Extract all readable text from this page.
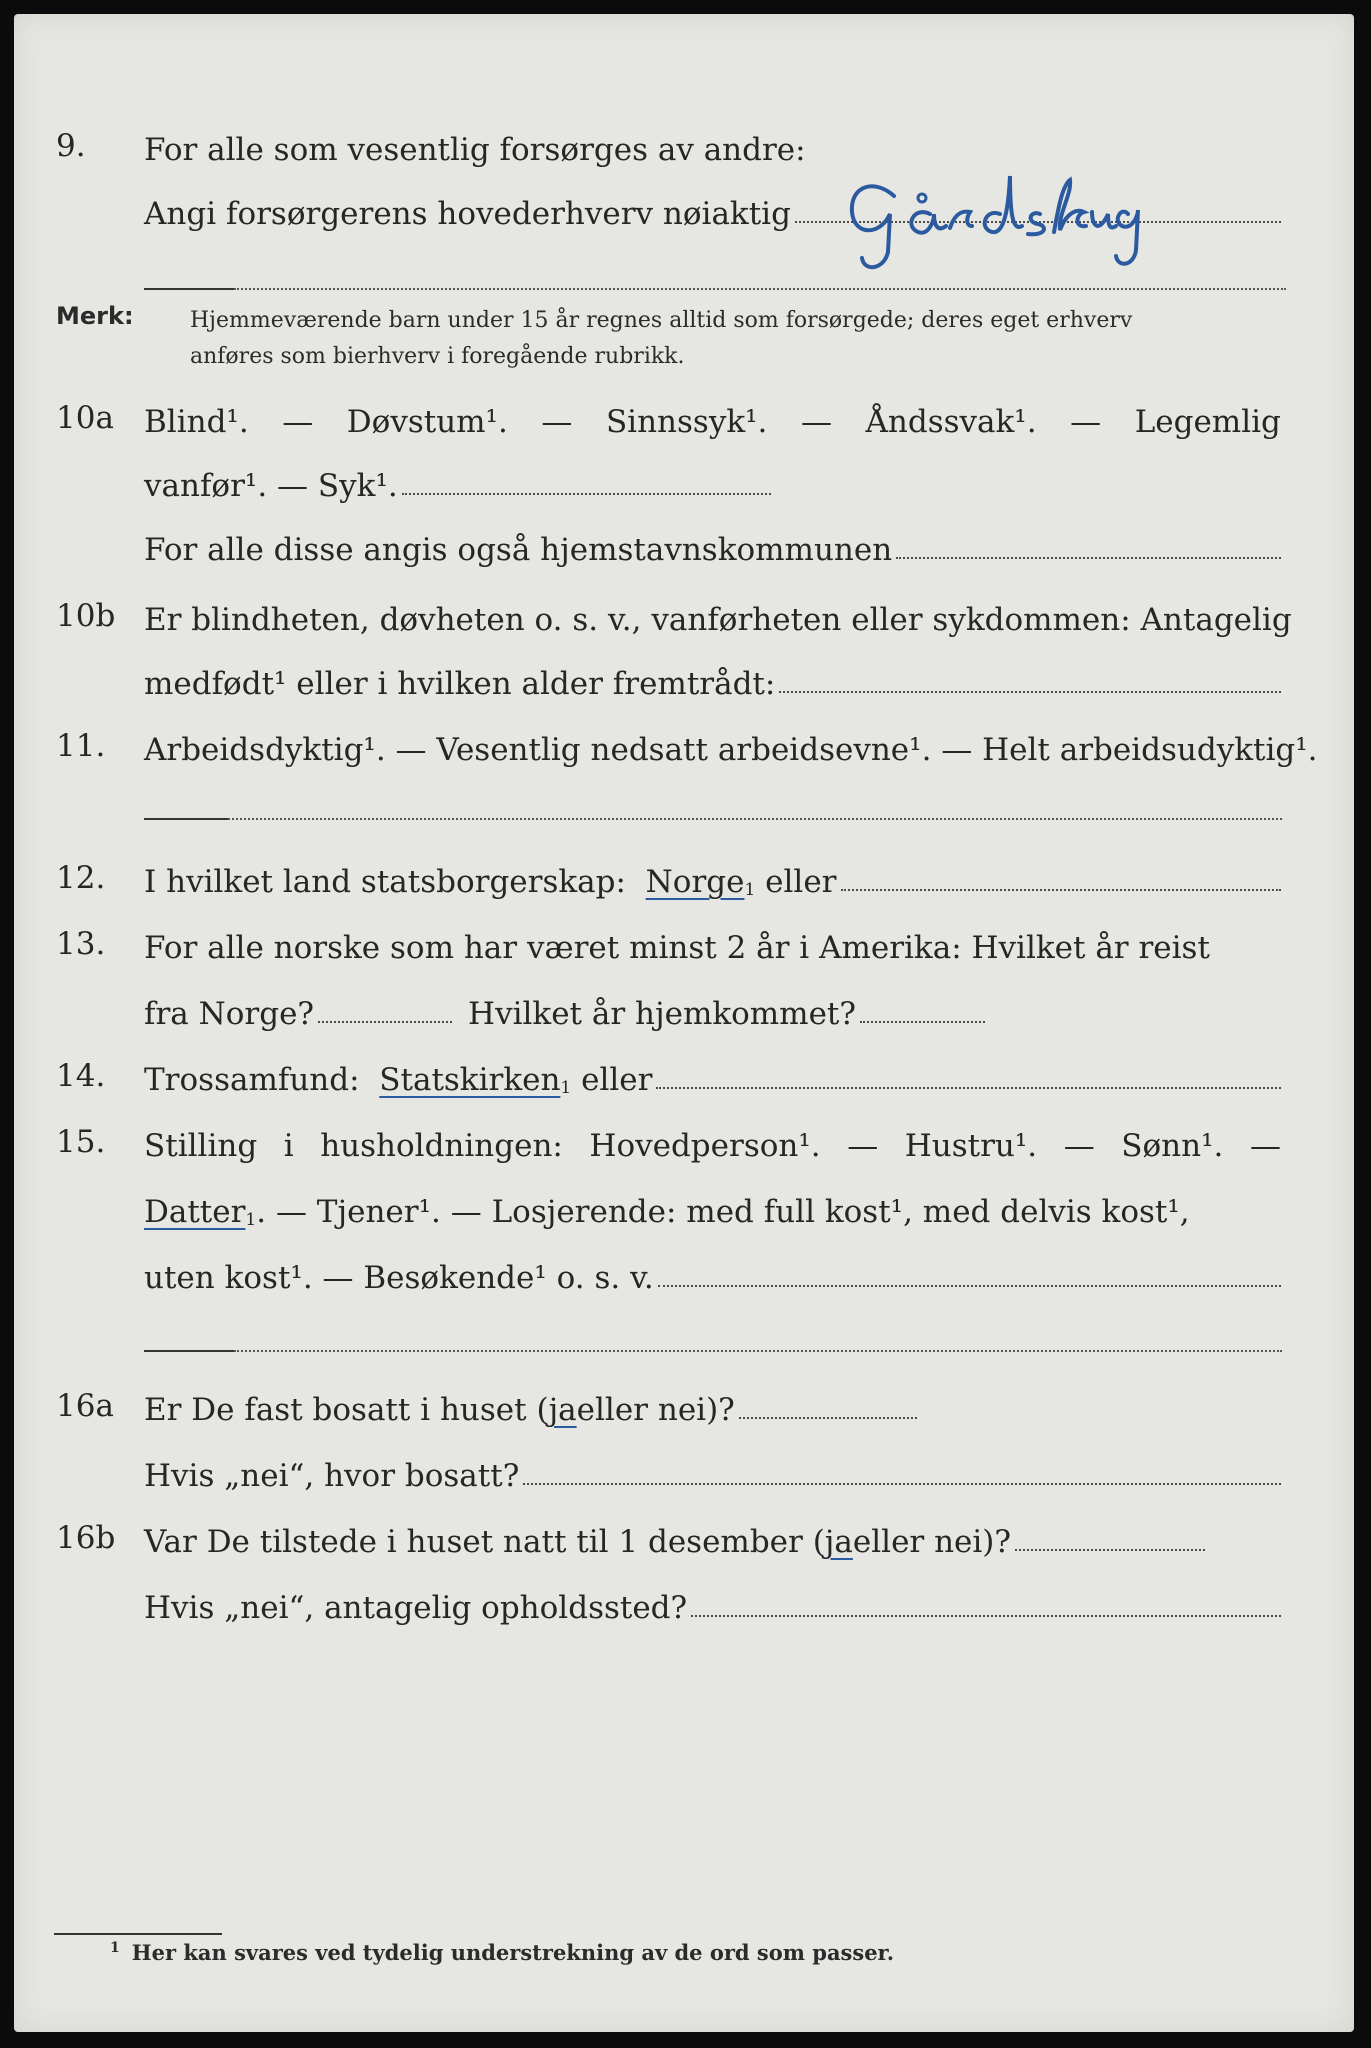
9. For alle som vesentlig forsørges av andre:
Angi forsørgerens hovederhverv nøiaktig
Merk:	Hjemmeværende barn under 15 år regnes alltid som forsørgede; deres eget erhverv
anføres som bierhverv i foregående rubrikk.
10a Blind¹. — Døvstum¹. — Sinnssyk¹. — Åndssvak¹. — Legemlig
vanfør¹. — Syk¹.
For alle disse angis også hjemstavnskommunen
10b Er blindheten, døvheten o. s. v., vanførheten eller sykdommen: Antagelig
medfødt¹ eller i hvilken alder fremtrådt:
11. Arbeidsdyktig¹. — Vesentlig nedsatt arbeidsevne¹. — Helt arbeidsudyktig¹.
12. I hvilket land statsborgerskap:
Norge 1
eller
13. For alle norske som har været minst 2 år i Amerika: Hvilket år reist
fra Norge?	Hvilket år hjemkommet?
14. Trossamfund:
Statskirken 1
eller
15. Stilling i husholdningen: Hovedperson¹. — Hustru¹. — Sønn¹. —
Datter 1 . — Tjener¹. — Losjerende: med full kost¹, med delvis kost¹,
uten kost¹. — Besøkende¹ o. s. v.
16a Er De fast bosatt i huset ( ja eller nei)?
Hvis „nei“, hvor bosatt?
16b Var De tilstede i huset natt til 1 desember ( ja eller nei)?
Hvis „nei“, antagelig opholdssted?
$^1$ Her kan svares ved tydelig understrekning av de ord som passer.
